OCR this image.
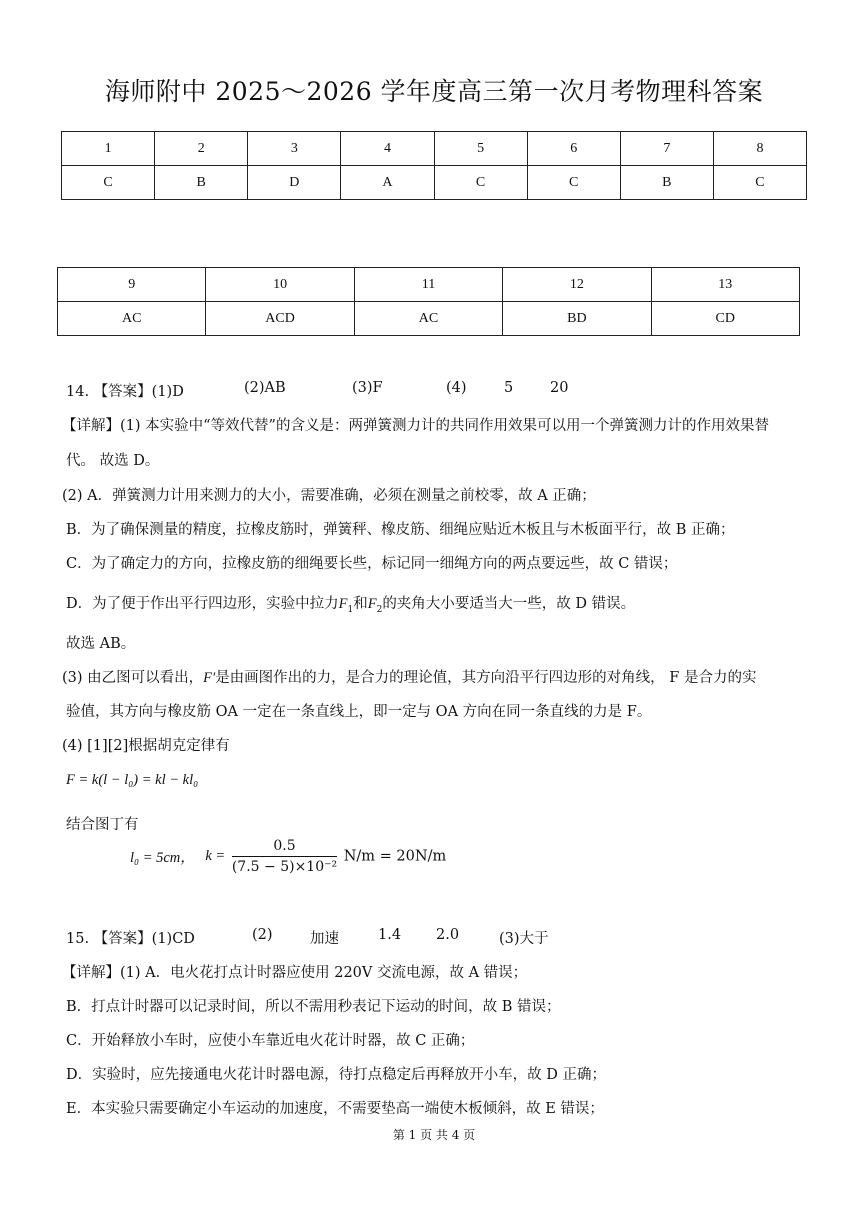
海师附中 2025～2026 学年度高三第一次月考物理科答案
1	2	3	4	5	6	7	8
C	B	D	A	C	C	B	C
9	10	11	12	13
AC	ACD	AC	BD	CD
14. 【答案】(1)D	(2)AB	(3)F	(4)	5	20
【详解】(1) 本实验中“等效代替”的含义是：两弹簧测力计的共同作用效果可以用一个弹簧测力计的作用效果替
代。 故选 D。
(2) A．弹簧测力计用来测力的大小，需要准确，必须在测量之前校零，故 A 正确；
B．为了确保测量的精度，拉橡皮筋时，弹簧秤、橡皮筋、细绳应贴近木板且与木板面平行，故 B 正确；
C．为了确定力的方向，拉橡皮筋的细绳要长些，标记同一细绳方向的两点要远些，故 C 错误；
D．为了便于作出平行四边形，实验中拉力$F_1$和$F_2$的夹角大小要适当大一些，故 D 错误。
故选 AB。
(3) 由乙图可以看出，F′是由画图作出的力，是合力的理论值，其方向沿平行四边形的对角线， F 是合力的实
验值，其方向与橡皮筋 OA 一定在一条直线上，即一定与 OA 方向在同一条直线的力是 F。
(4) [1][2]根据胡克定律有
F = k(l − l₀) = kl − kl₀
结合图丁有
l₀ = 5cm， $k = \frac{0.5}{\text{(7.5 − 5)×10⁻²}} N/m = 20N/m$
15. 【答案】(1)CD	(2)	加速	1.4 2.0	(3)大于
【详解】(1) A．电火花打点计时器应使用 220V 交流电源，故 A 错误；
B．打点计时器可以记录时间，所以不需用秒表记下运动的时间，故 B 错误；
C．开始释放小车时，应使小车靠近电火花计时器，故 C 正确；
D．实验时，应先接通电火花计时器电源，待打点稳定后再释放开小车，故 D 正确；
E．本实验只需要确定小车运动的加速度，不需要垫高一端使木板倾斜，故 E 错误；
第 1 页 共 4 页
